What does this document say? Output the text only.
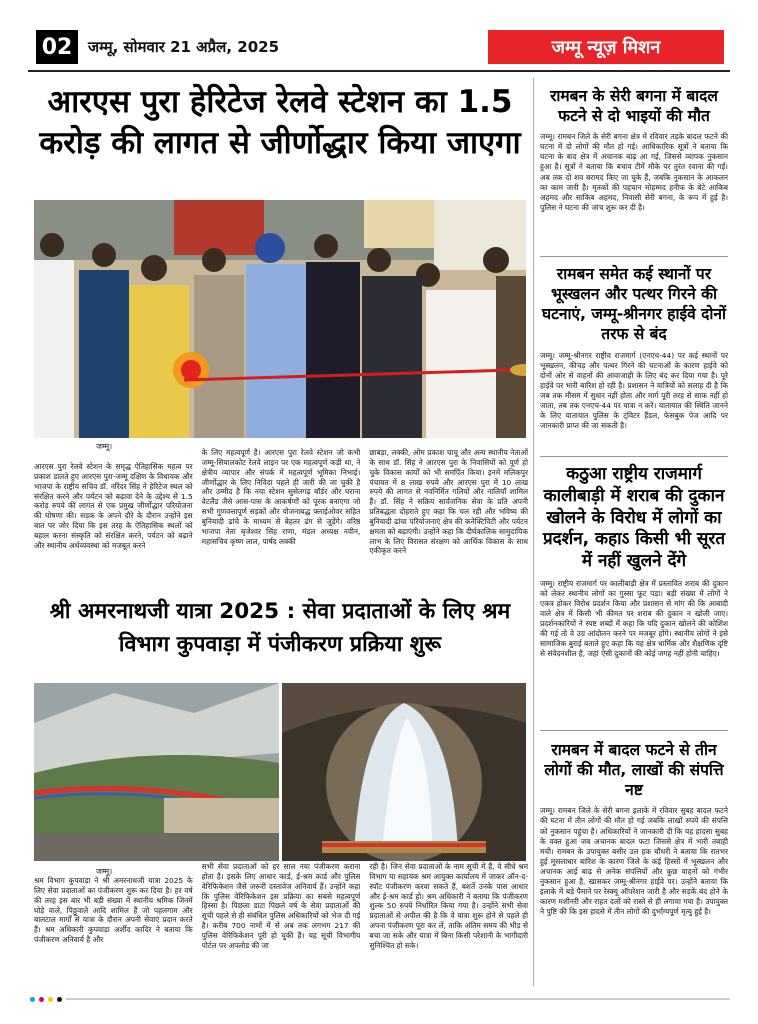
02	जम्मू, सोमवार 21 अप्रैल, 2025	जम्मू न्यूज़ मिशन
आरएस पुरा हेरिटेज रेलवे स्टेशन का 1.5 करोड़ की लागत से जीर्णोद्धार किया जाएगा
जम्मू।
आरएस पुरा रेलवे स्टेशन के समृद्ध ऐतिहासिक महत्व पर प्रकाश डालते हुए आरएस पुरा-जम्मू दक्षिण के विधायक और भाजपा के राष्ट्रीय सचिव डॉ. नरिंदर सिंह ने हेरिटेज स्थल को संरक्षित करने और पर्यटन को बढ़ावा देने के उद्देश्य से 1.5 करोड़ रुपये की लागत से एक प्रमुख जीर्णोद्धार परियोजना की घोषणा की। सड़क के अपने दौरे के दौरान उन्होंने इस बात पर जोर दिया कि इस तरह के ऐतिहासिक स्थलों को बहाल करना संस्कृति को संरक्षित करने, पर्यटन को बढ़ाने और स्थानीय अर्थव्यवस्था को मजबूत करने
के लिए महत्वपूर्ण है। आरएस पुरा रेलवे स्टेशन जो कभी जम्मू-सियालकोट रेलवे लाइन पर एक महत्वपूर्ण कड़ी था, ने क्षेत्रीय व्यापार और संपर्क में महत्वपूर्ण भूमिका निभाई। जीर्णोद्धार के लिए निविदा पहले ही जारी की जा चुकी है और उम्मीद है कि नया स्टेशन सुसेतगढ़ बॉर्डर और घराना वेटलैंड जैसे आस-पास के आकर्षणों को पूरक बनाएगा जो सभी गुणवत्तापूर्ण सड़कों और योजनाबद्ध फ्लाईओवर सहित बुनियादी ढांचे के माध्यम से बेहतर ढंग से जुड़ेंगे। वरिष्ठ भाजपा नेता बृजेश्वर सिंह राणा, मंडल अध्यक्ष नवीन, महासचिव कृष्ण लाल, पार्षद लक्की
छाबड़ा, लक्की, ओम प्रकाश चाचू और अन्य स्थानीय नेताओं के साथ डॉ. सिंह ने आरएस पुरा के निवासियों को पूर्ण हो चुके विकास कार्यों को भी समर्पित किया। इनमें मलिकपुर पंचायत में 8 लाख रुपये और आरएस पुरा में 10 लाख रुपये की लागत से नवनिर्मित गलियों और नालियाँ शामिल हैं। डॉ. सिंह ने सक्रिय सार्वजनिक सेवा के प्रति अपनी प्रतिबद्धता दोहराते हुए कहा कि चल रही और भविष्य की बुनियादी ढांचा परियोजनाएं क्षेत्र की कनेक्टिविटी और पर्यटन क्षमता को बढ़ाएंगी। उन्होंने कहा कि दीर्घकालिक सामुदायिक लाभ के लिए विरासत संरक्षण को आर्थिक विकास के साथ एकीकृत करने
श्री अमरनाथजी यात्रा 2025 : सेवा प्रदाताओं के लिए श्रम विभाग कुपवाड़ा में पंजीकरण प्रक्रिया शुरू
जम्मू।
श्रम विभाग कुपवाड़ा ने श्री अमरनाथजी यात्रा 2025 के लिए सेवा प्रदाताओं का पंजीकरण शुरू कर दिया है। हर वर्ष की तरह इस बार भी बड़ी संख्या में स्थानीय श्रमिक जिनमें घोड़े वाले, पिठ्ठूवाले आदि शामिल हैं जो पहलगाम और बालटाल मार्गों से यात्रा के दौरान अपनी सेवाएं प्रदान करते हैं। श्रम अधिकारी कुपवाड़ा अर्शीद कादिर ने बताया कि पंजीकरण अनिवार्य है और
सभी सेवा प्रदाताओं को हर साल नया पंजीकरण कराना होता है। इसके लिए आधार कार्ड, ई-श्रम कार्ड और पुलिस वेरिफिकेशन जैसे जरूरी दस्तावेज अनिवार्य हैं। उन्होंने कहा कि पुलिस वेरिफिकेशन इस प्रक्रिया का सबसे महत्वपूर्ण हिस्सा है। पिछला डाटा पिछले वर्ष के सेवा प्रदाताओं की सूची पहले से ही संबंधित पुलिस अधिकारियों को भेज दी गई है। करीब 700 नामों में से अब तक लगभग 217 की पुलिस वेरिफिकेशन पूरी हो चुकी है। यह सूची विभागीय पोर्टल पर अपलोड की जा
रही है। जिन सेवा प्रदाताओं के नाम सूची में हैं, वे सीधे श्रम विभाग या सहायक श्रम आयुक्त कार्यालय में जाकर ऑन-द-स्पॉट पंजीकरण करवा सकते हैं, बशर्ते उनके पास आधार और ई-श्रम कार्ड हो। श्रम अधिकारी ने बताया कि पंजीकरण शुल्क 50 रुपये निर्धारित किया गया है। उन्होंने सभी सेवा प्रदाताओं से अपील की है कि वे यात्रा शुरू होने से पहले ही अपना पंजीकरण पूरा कर लें, ताकि अंतिम समय की भीड़ से बचा जा सके और यात्रा में बिना किसी परेशानी के भागीदारी सुनिश्चित हो सके।
रामबन के सेरी बगना में बादल फटने से दो भाइयों की मौत
जम्मू। रामबन जिले के सेरी बगना क्षेत्र में रविवार तड़के बादल फटने की घटना में दो लोगों की मौत हो गई। आधिकारिक सूत्रों ने बताया कि घटना के बाद क्षेत्र में अचानक बाढ़ आ गई, जिससे व्यापक नुकसान हुआ है। सूत्रों ने बताया कि बचाव टीमें मौके पर तुरंत रवाना की गईं। अब तक दो शव बरामद किए जा चुके हैं, जबकि नुकसान के आकलन का काम जारी है। मृतकों की पहचान मोहम्मद हनीफ के बेटे आकिब अहमद और साकिब अहमद, निवासी सेरी बगना, के रूप में हुई है। पुलिस ने घटना की जांच शुरू कर दी है।
रामबन समेत कई स्थानों पर भूस्खलन और पत्थर गिरने की घटनाएं, जम्मू-श्रीनगर हाईवे दोनों तरफ से बंद
जम्मू। जम्मू-श्रीनगर राष्ट्रीय राजमार्ग (एनएच-44) पर कई स्थानों पर भूस्खलन, कीचड़ और पत्थर गिरने की घटनाओं के कारण हाईवे को दोनों ओर से वाहनों की आवाजाही के लिए बंद कर दिया गया है। पूरे हाईवे पर भारी बारिश हो रही है। प्रशासन ने यात्रियों को सलाह दी है कि जब तक मौसम में सुधार नहीं होता और मार्ग पूरी तरह से साफ नहीं हो जाता, तब तक एनएच-44 पर यात्रा न करें। यातायात की स्थिति जानने के लिए यातायात पुलिस के ट्विटर हैंडल, फेसबुक पेज आदि पर जानकारी प्राप्त की जा सकती है।
कठुआ राष्ट्रीय राजमार्ग कालीबाड़ी में शराब की दुकान खोलने के विरोध में लोगों का प्रदर्शन, कहाऽ किसी भी सूरत में नहीं खुलने देंगे
जम्मू। राष्ट्रीय राजमार्ग पर कालीबाड़ी क्षेत्र में प्रस्तावित शराब की दुकान को लेकर स्थानीय लोगों का गुस्सा फूट पड़ा। बड़ी संख्या में लोगों ने एकत्र होकर विरोध प्रदर्शन किया और प्रशासन से मांग की कि आबादी वाले क्षेत्र में किसी भी कीमत पर शराब की दुकान न खोली जाए। प्रदर्शनकारियों ने स्पष्ट शब्दों में कहा कि यदि दुकान खोलने की कोशिश की गई तो वे उग्र आंदोलन करने पर मजबूर होंगे। स्थानीय लोगों ने इसे सामाजिक बुराई बताते हुए कहा कि यह क्षेत्र धार्मिक और शैक्षणिक दृष्टि से संवेदनशील है, जहां ऐसी दुकानों की कोई जगह नहीं होनी चाहिए।
रामबन में बादल फटने से तीन लोगों की मौत, लाखों की संपत्ति नष्ट
जम्मू। रामबन जिले के सेरी बगना इलाके में रविवार सुबह बादल फटने की घटना में तीन लोगों की मौत हो गई जबकि लाखों रुपये की संपत्ति को नुकसान पहुंचा है। अधिकारियों ने जानकारी दी कि यह हादसा सुबह के वक्त हुआ जब अचानक बादल फटा जिससे क्षेत्र में भारी तबाही मची। रामबन के उपायुक्त बसीर उल हक चौधरी ने बताया कि रातभर हुई मूसलाधार बारिश के कारण जिले के कई हिस्सों में भूस्खलन और अचानक आई बाढ़ से अनेक संपत्तियों और कुछ वाहनों को गंभीर नुकसान हुआ है, खासकर जम्मू-श्रीनगर हाईवे पर। उन्होंने बताया कि इलाके में बड़े पैमाने पर रेस्क्यू ऑपरेशन जारी है और सड़कें बंद होने के कारण मशीनरी और राहत दलों को रास्ते से ही लगाया गया है। उपायुक्त ने पुष्टि की कि इस हादसे में तीन लोगों की दुर्भाग्यपूर्ण मृत्यु हुई है।
